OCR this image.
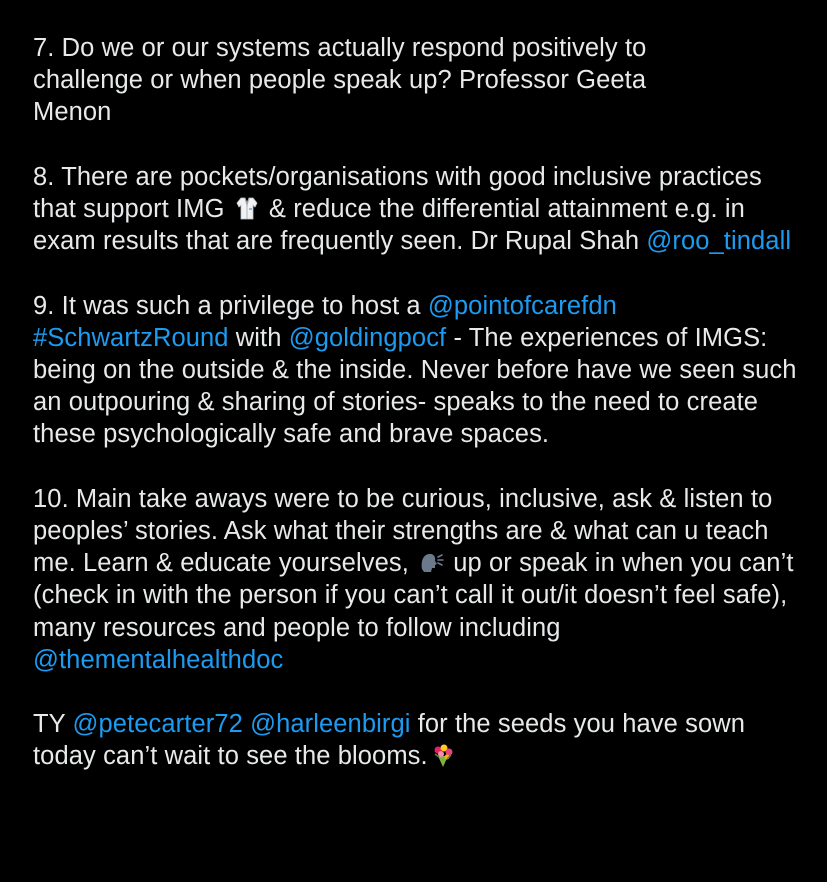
7. Do we or our systems actually respond positively to
challenge or when people speak up? Professor Geeta
Menon

8. There are pockets/organisations with good inclusive practices that support IMG & reduce the differential attainment e.g. in exam results that are frequently seen. Dr Rupal Shah @roo_tindall

9. It was such a privilege to host a @pointofcarefdn #SchwartzRound with @goldingpocf - The experiences of IMGS: being on the outside & the inside. Never before have we seen such an outpouring & sharing of stories- speaks to the need to create these psychologically safe and brave spaces.

10. Main take aways were to be curious, inclusive, ask & listen to peoples’ stories. Ask what their strengths are & what can u teach me. Learn & educate yourselves, up or speak in when you can’t (check in with the person if you can’t call it out/it doesn’t feel safe), many resources and people to follow including @thementalhealthdoc

TY @petecarter72 @harleenbirgi for the seeds you have sown today can’t wait to see the blooms.
